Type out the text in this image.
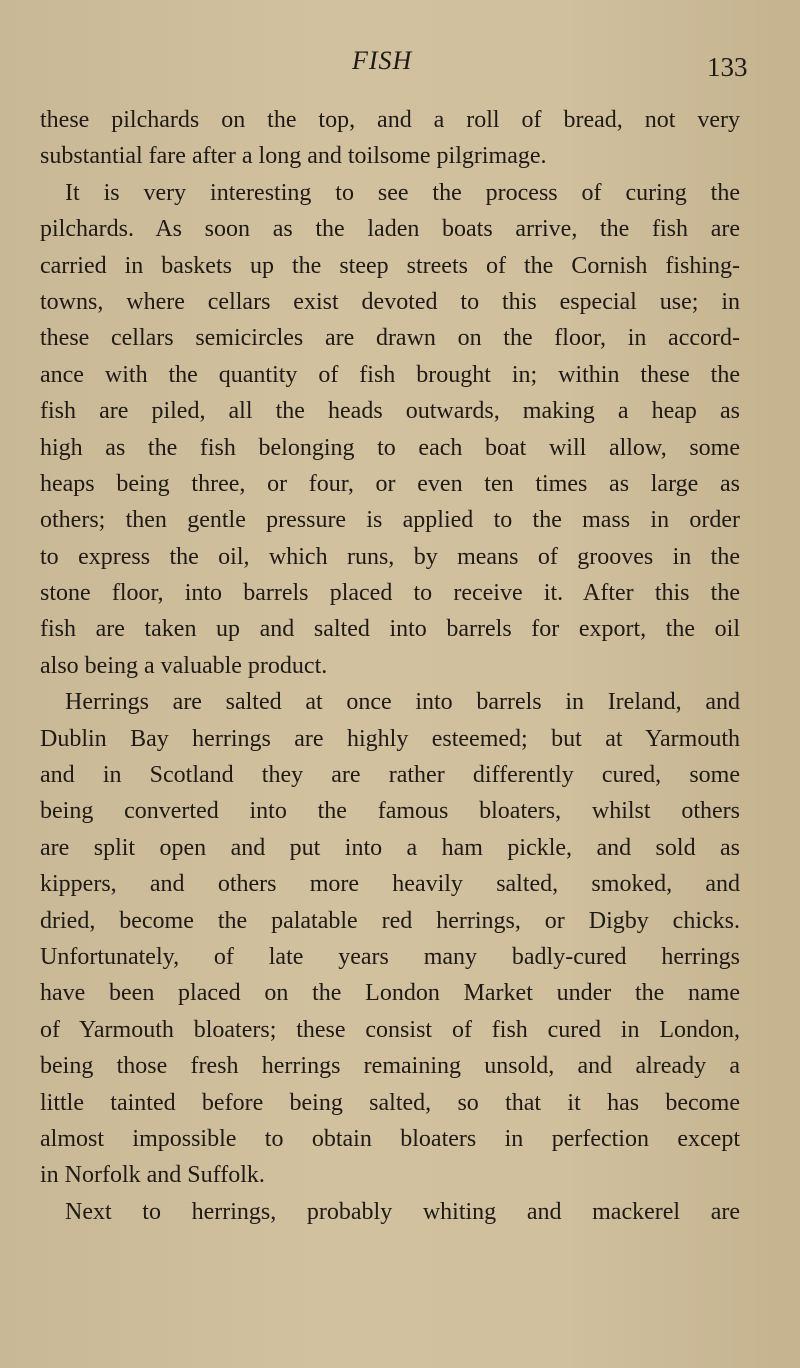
FISH	133
these pilchards on the top, and a roll of bread, not very
substantial fare after a long and toilsome pilgrimage.
It is very interesting to see the process of curing the
pilchards. As soon as the laden boats arrive, the fish are
carried in baskets up the steep streets of the Cornish fishing-
towns, where cellars exist devoted to this especial use; in
these cellars semicircles are drawn on the floor, in accord-
ance with the quantity of fish brought in; within these the
fish are piled, all the heads outwards, making a heap as
high as the fish belonging to each boat will allow, some
heaps being three, or four, or even ten times as large as
others; then gentle pressure is applied to the mass in order
to express the oil, which runs, by means of grooves in the
stone floor, into barrels placed to receive it. After this the
fish are taken up and salted into barrels for export, the oil
also being a valuable product.
Herrings are salted at once into barrels in Ireland, and
Dublin Bay herrings are highly esteemed; but at Yarmouth
and in Scotland they are rather differently cured, some
being converted into the famous bloaters, whilst others
are split open and put into a ham pickle, and sold as
kippers, and others more heavily salted, smoked, and
dried, become the palatable red herrings, or Digby chicks.
Unfortunately, of late years many badly-cured herrings
have been placed on the London Market under the name
of Yarmouth bloaters; these consist of fish cured in London,
being those fresh herrings remaining unsold, and already a
little tainted before being salted, so that it has become
almost impossible to obtain bloaters in perfection except
in Norfolk and Suffolk.
Next to herrings, probably whiting and mackerel are
